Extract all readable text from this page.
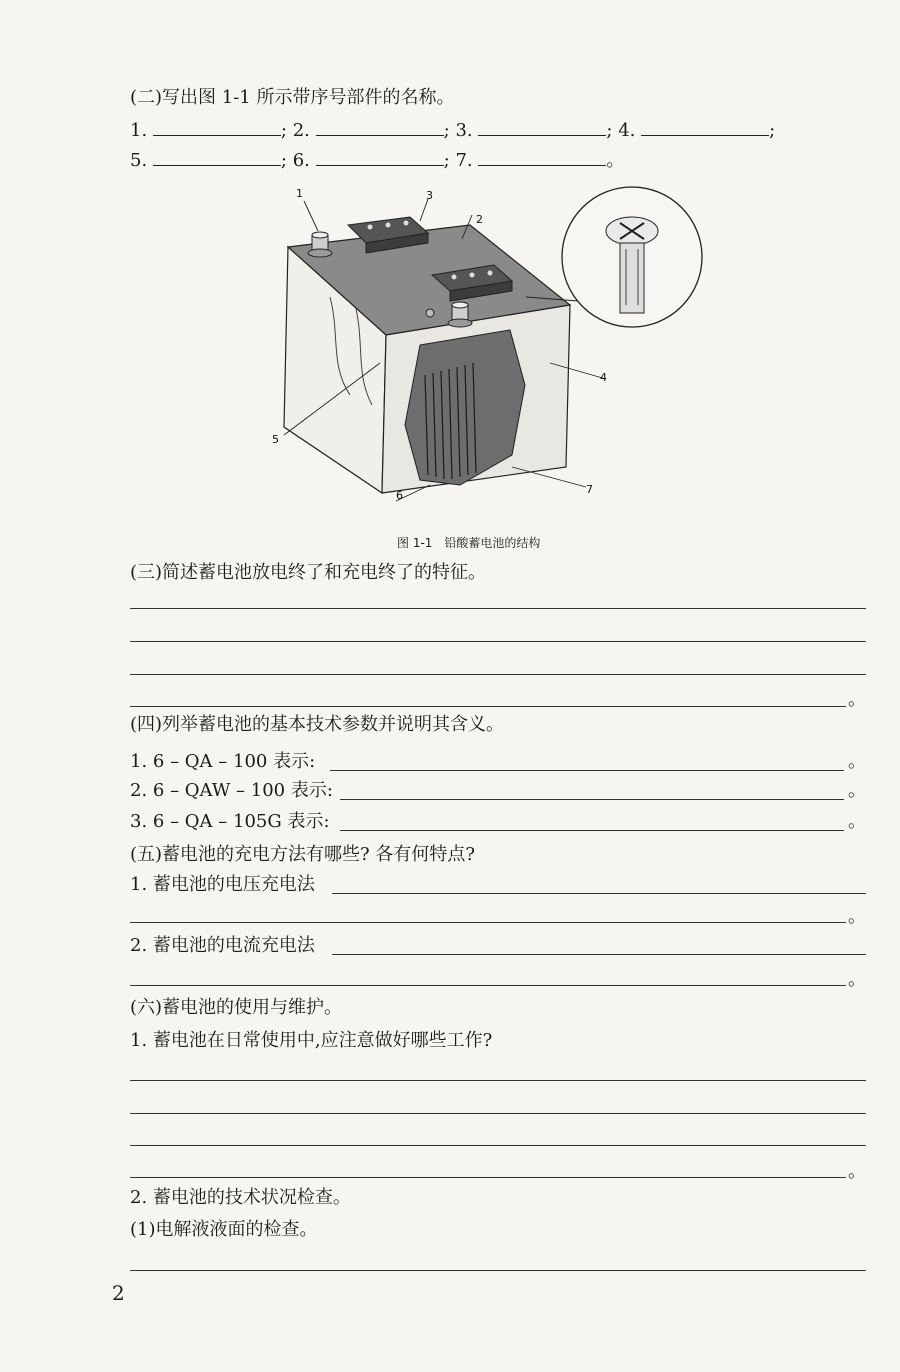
(二)写出图 1-1 所示带序号部件的名称。
1.	; 2.	; 3.	; 4.	;
5.	; 6.	; 7.	。
1
2
3
4
5
6	7
图 1-1　铅酸蓄电池的结构
(三)简述蓄电池放电终了和充电终了的特征。
。
(四)列举蓄电池的基本技术参数并说明其含义。
1. 6 – QA – 100 表示:	。
2. 6 – QAW – 100 表示:	。
3. 6 – QA – 105G 表示:	。
(五)蓄电池的充电方法有哪些? 各有何特点?
1. 蓄电池的电压充电法
。
2. 蓄电池的电流充电法
。
(六)蓄电池的使用与维护。
1. 蓄电池在日常使用中,应注意做好哪些工作?
。
2. 蓄电池的技术状况检查。
(1)电解液液面的检查。
2
